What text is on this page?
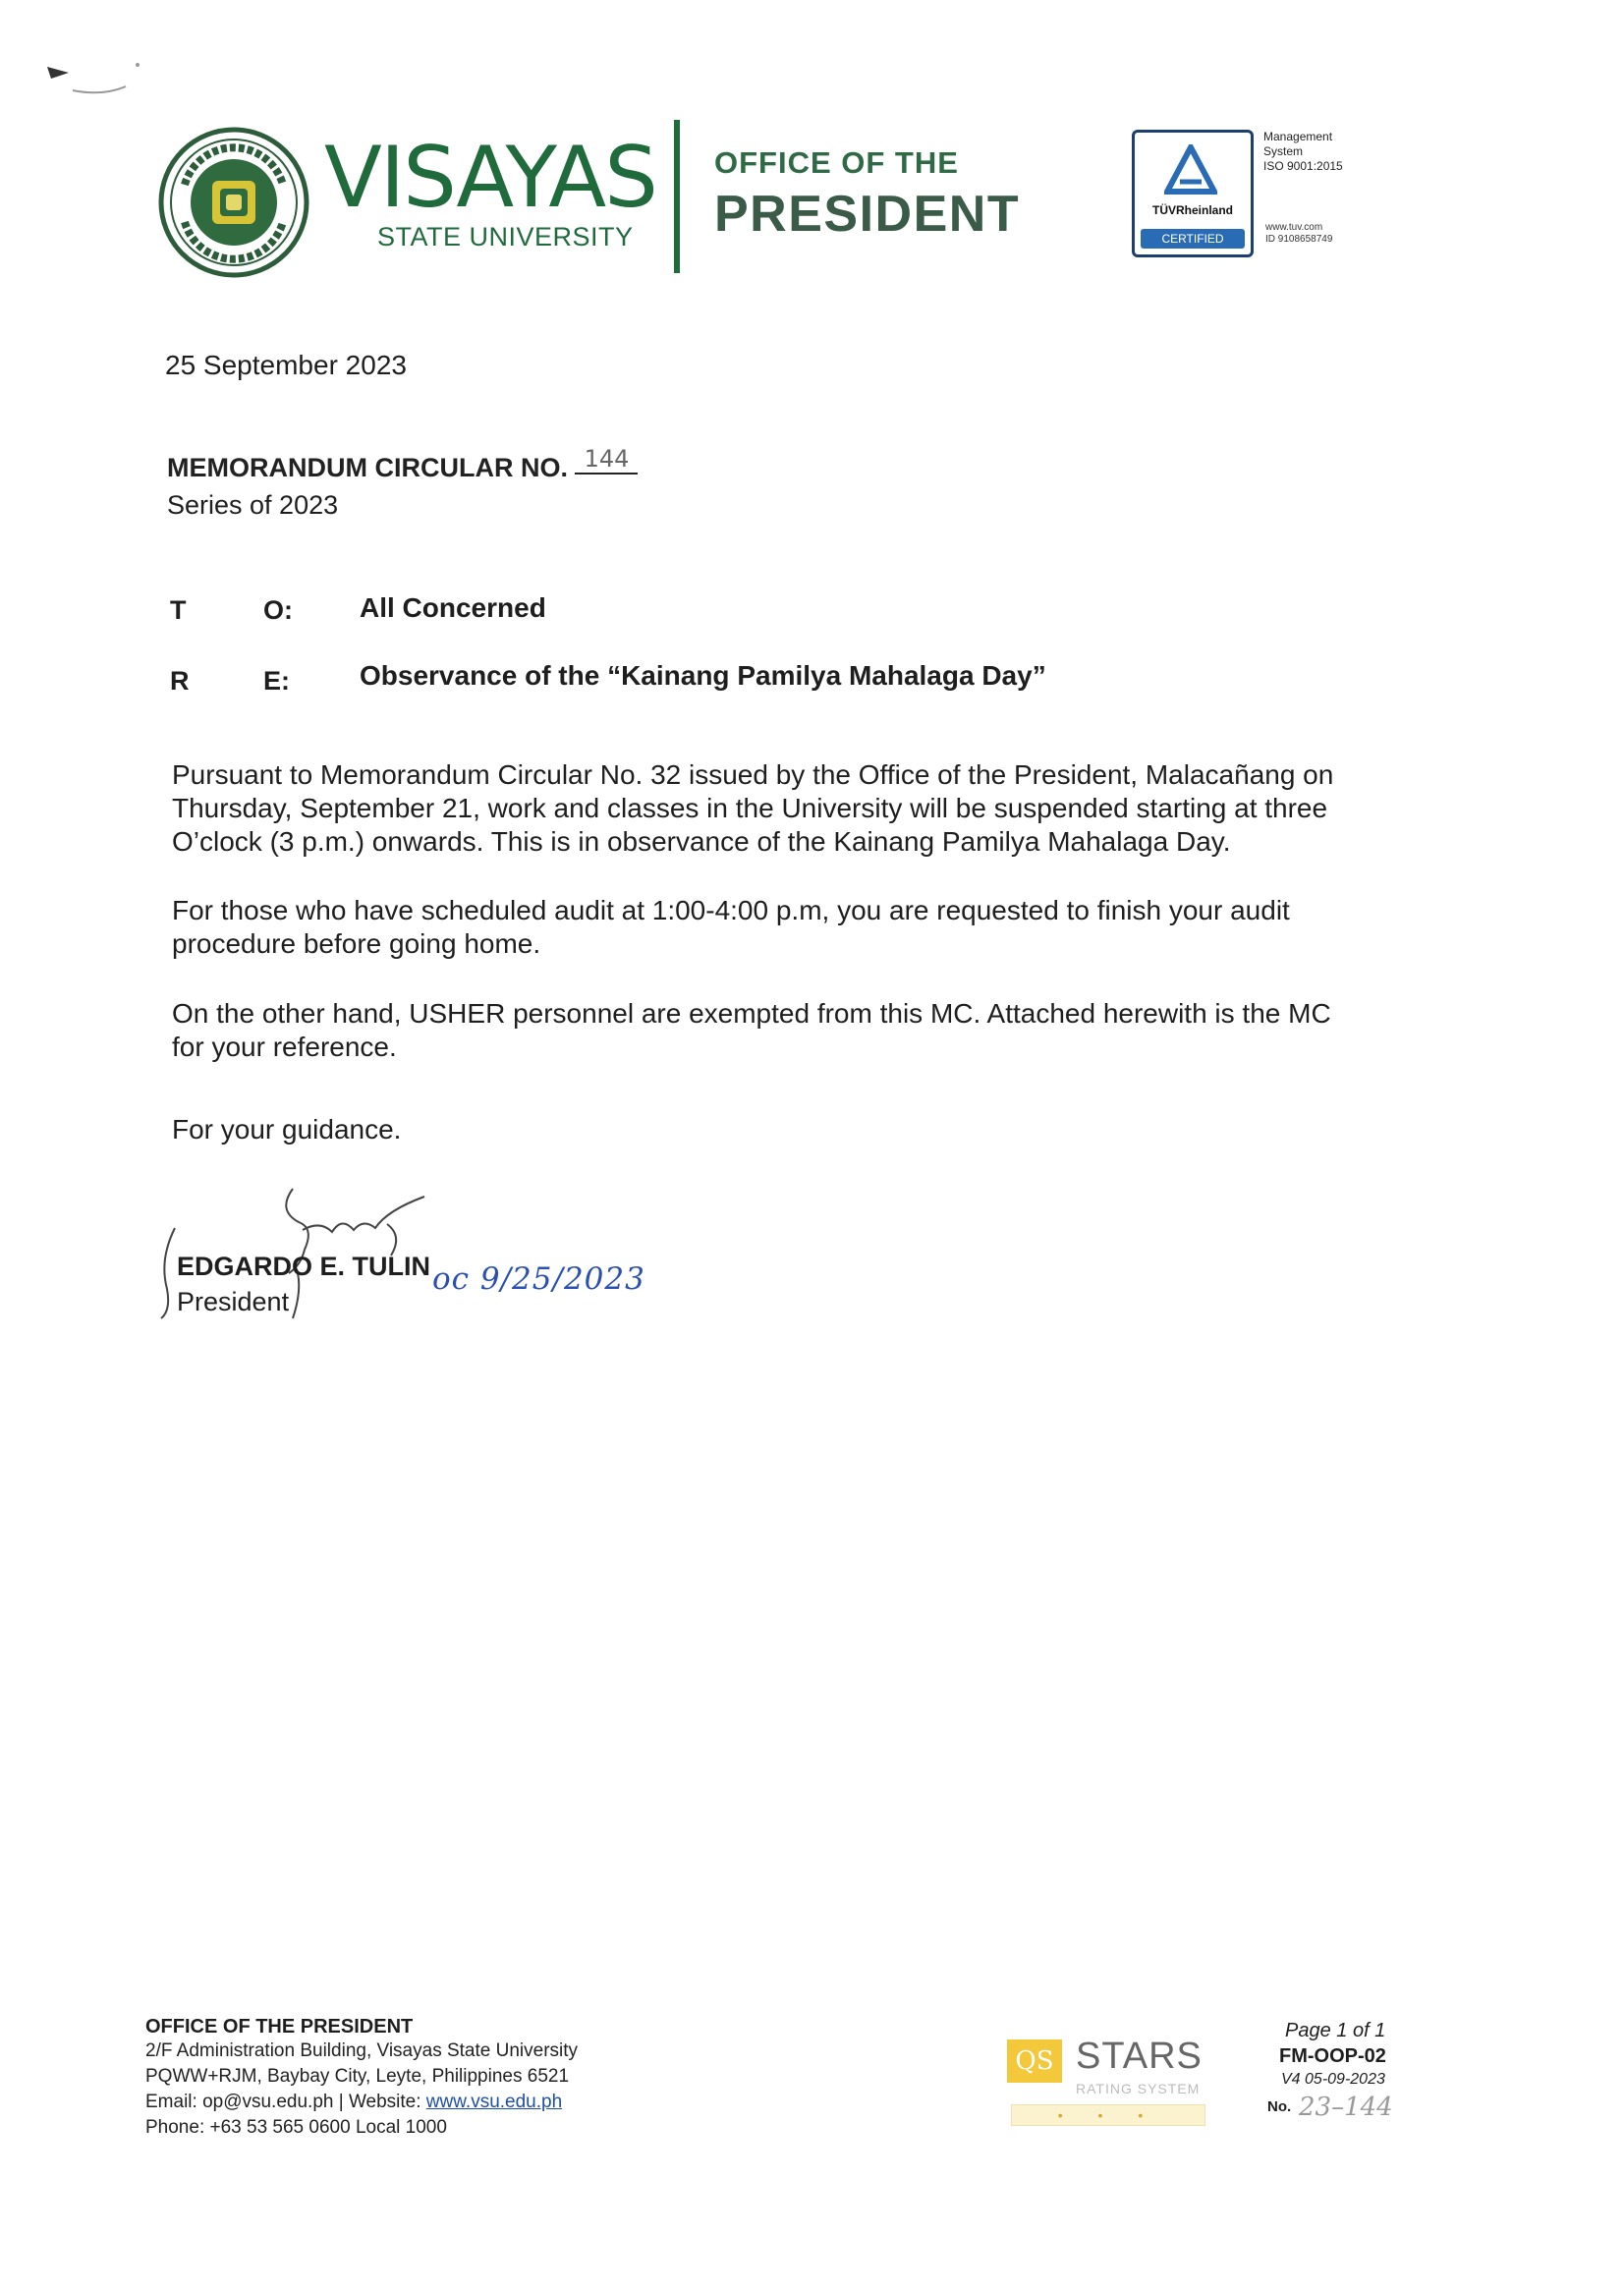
VISAYAS
STATE UNIVERSITY
OFFICE OF THE
PRESIDENT	TÜVRheinland
CERTIFIED
Management
System
ISO 9001:2015
www.tuv.com
ID 9108658749
25 September 2023
MEMORANDUM CIRCULAR NO. 144
Series of 2023
T	O: All Concerned
R	E:	Observance of the “Kainang Pamilya Mahalaga Day”
Pursuant to Memorandum Circular No. 32 issued by the Office of the President, Malacañang on Thursday, September 21, work and classes in the University will be suspended starting at three O’clock (3 p.m.) onwards. This is in observance of the Kainang Pamilya Mahalaga Day.
For those who have scheduled audit at 1:00-4:00 p.m, you are requested to finish your audit procedure before going home.
On the other hand, USHER personnel are exempted from this MC. Attached herewith is the MC for your reference.
For your guidance.
EDGARDO E. TULIN
President
oc 9/25/2023
OFFICE OF THE PRESIDENT
2/F Administration Building, Visayas State University
PQWW+RJM, Baybay City, Leyte, Philippines 6521
Email: op@vsu.edu.ph | Website: www.vsu.edu.ph
Phone: +63 53 565 0600 Local 1000
QS STARS
RATING SYSTEM
• • •
Page 1 of 1
FM-OOP-02
V4 05-09-2023
No. 23–144
